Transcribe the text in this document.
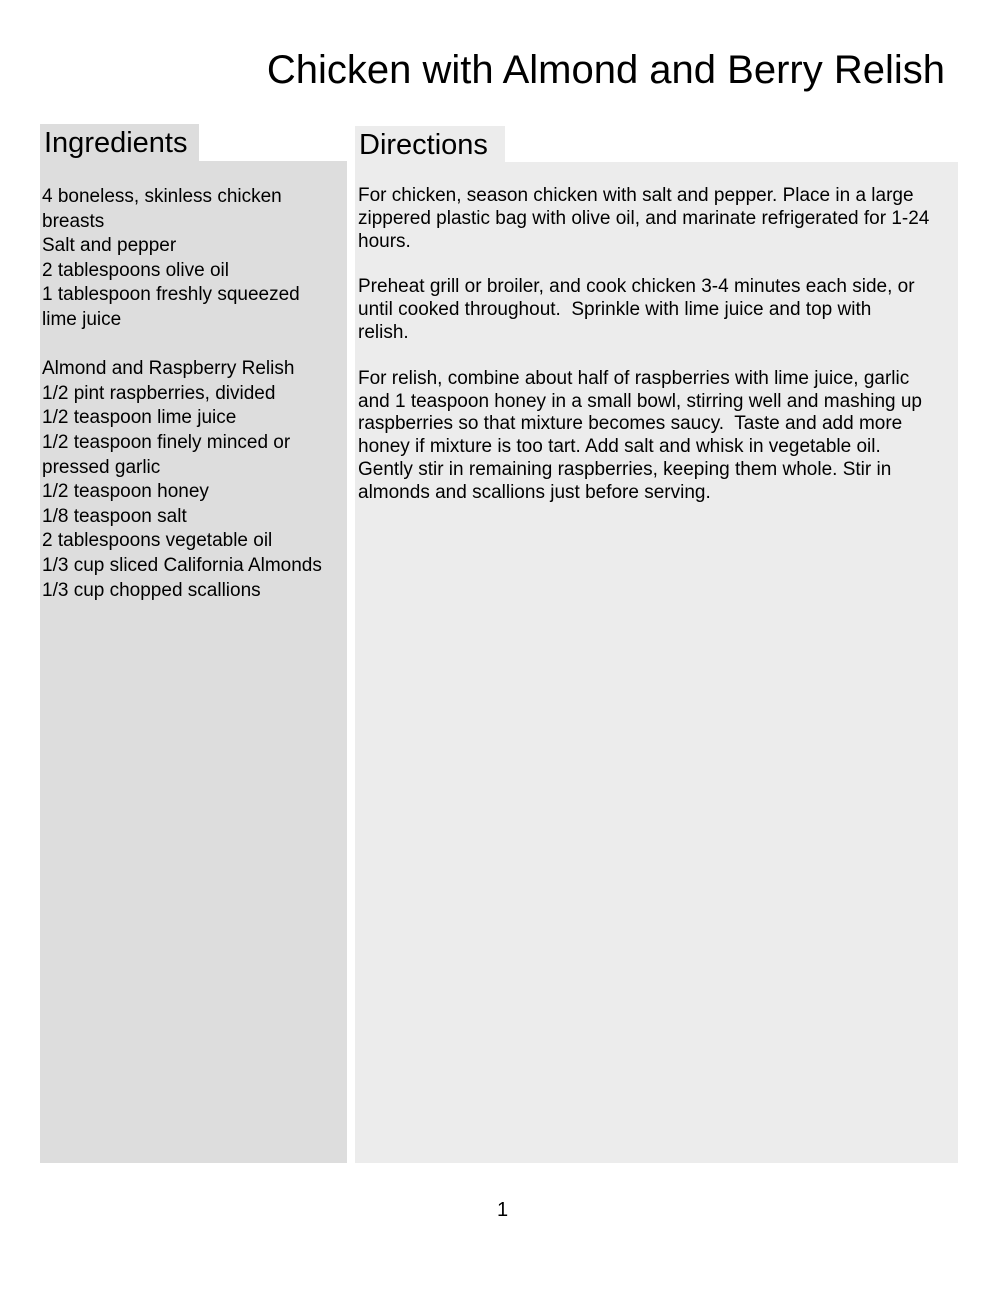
Chicken with Almond and Berry Relish
Ingredients
4 boneless, skinless chicken
breasts
Salt and pepper
2 tablespoons olive oil
1 tablespoon freshly squeezed
lime juice
Almond and Raspberry Relish
1/2 pint raspberries, divided
1/2 teaspoon lime juice
1/2 teaspoon finely minced or
pressed garlic
1/2 teaspoon honey
1/8 teaspoon salt
2 tablespoons vegetable oil
1/3 cup sliced California Almonds
1/3 cup chopped scallions
Directions

For chicken, season chicken with salt and pepper. Place in a large
zippered plastic bag with olive oil, and marinate refrigerated for 1-24
hours.

Preheat grill or broiler, and cook chicken 3-4 minutes each side, or
until cooked throughout.  Sprinkle with lime juice and top with
relish.

For relish, combine about half of raspberries with lime juice, garlic
and 1 teaspoon honey in a small bowl, stirring well and mashing up
raspberries so that mixture becomes saucy.  Taste and add more
honey if mixture is too tart. Add salt and whisk in vegetable oil.
Gently stir in remaining raspberries, keeping them whole. Stir in
almonds and scallions just before serving.

1
